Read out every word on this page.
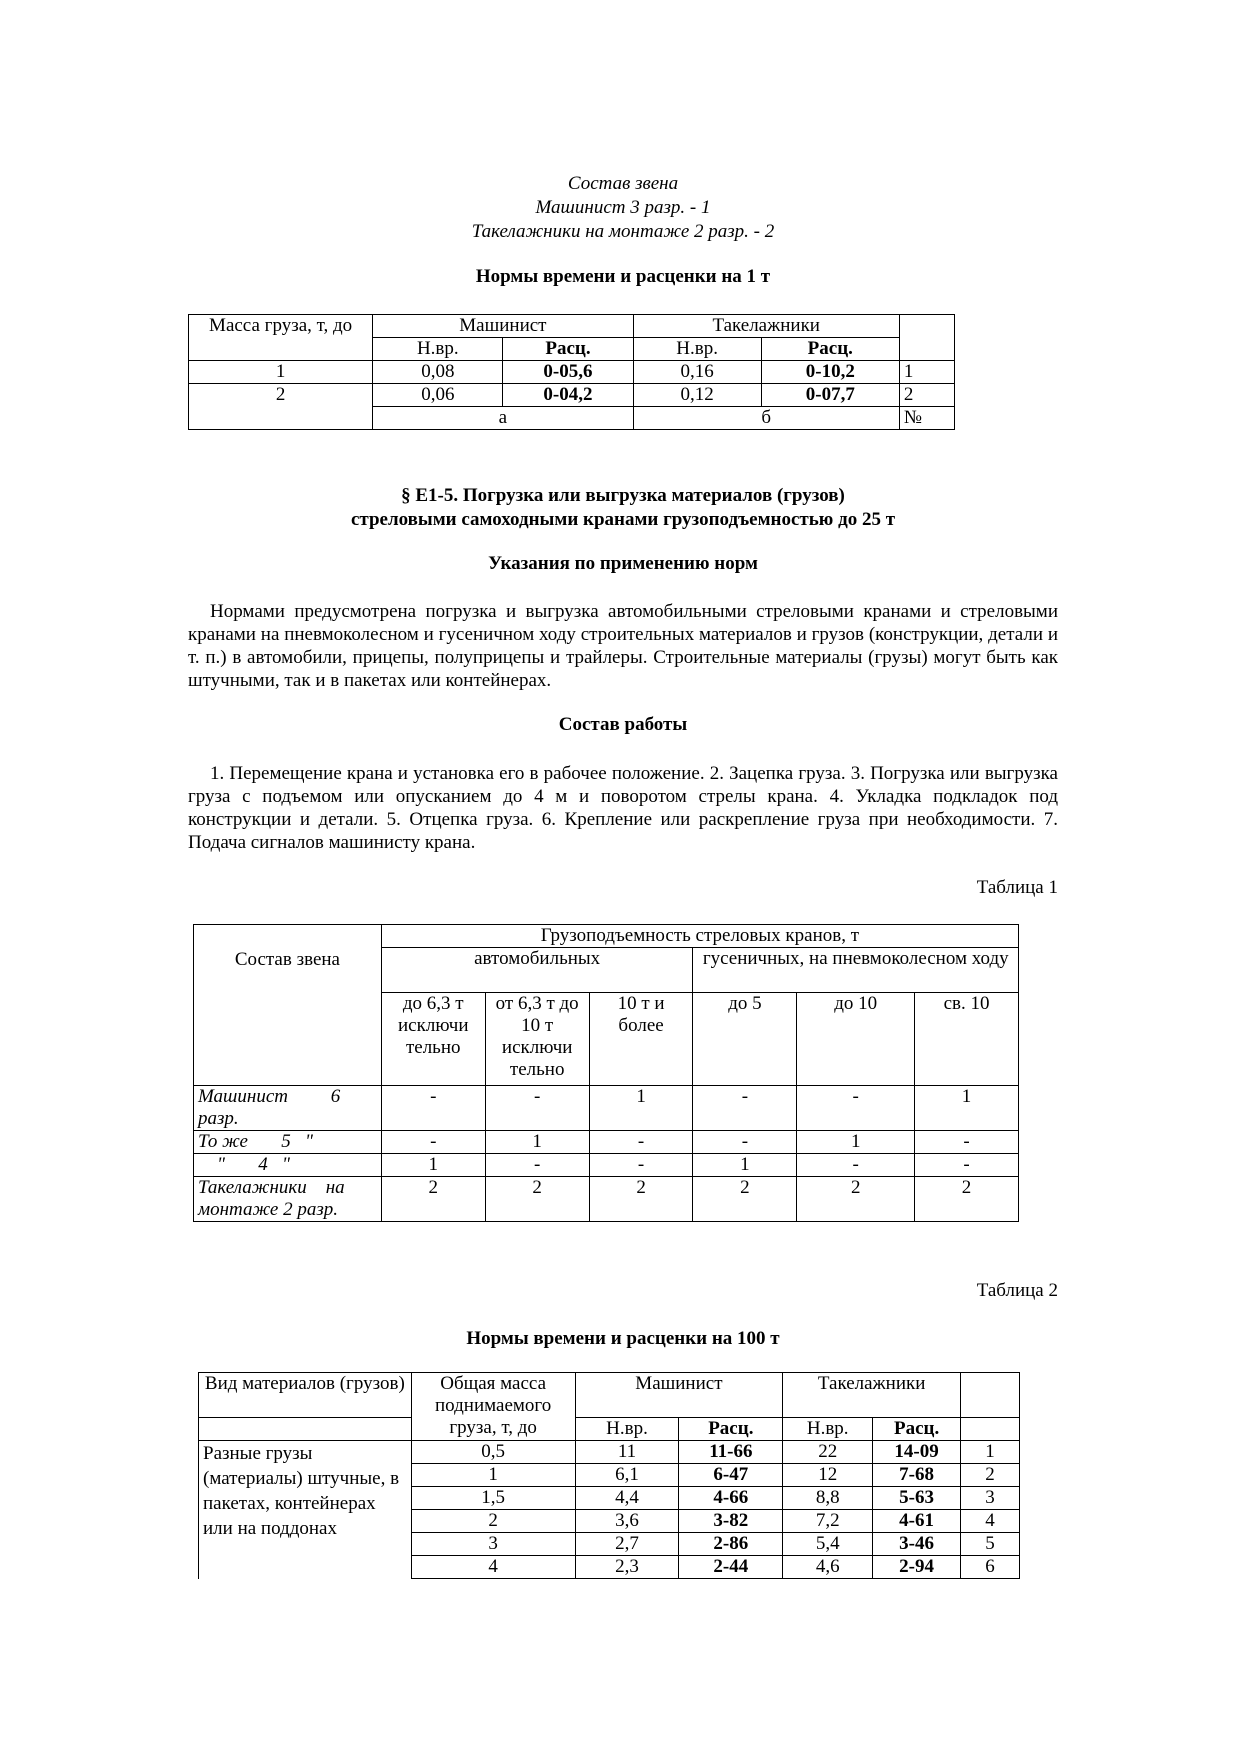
Состав звена
Машинист 3 разр. - 1
Такелажники на монтаже 2 разр. - 2
Нормы времени и расценки на 1 т
Масса груза, т, до	Машинист		Такелажники		
	Н.вр.	Расц.	Н.вр.	Расц.	
1	0,08	0-05,6	0,16	0-10,2	1
2	0,06	0-04,2	0,12	0-07,7	2
	а		б		№
§ Е1-5. Погрузка или выгрузка материалов (грузов)
стреловыми самоходными кранами грузоподъемностью до 25 т
Указания по применению норм
Нормами предусмотрена погрузка и выгрузка автомобильными стреловыми кранами и стреловыми кранами на пневмоколесном и гусеничном ходу строительных материалов и грузов (конструкции, детали и т. п.) в автомобили, прицепы, полуприцепы и трайлеры. Строительные материалы (грузы) могут быть как штучными, так и в пакетах или контейнерах.
Состав работы
1. Перемещение крана и установка его в рабочее положение. 2. Зацепка груза. 3. Погрузка или выгрузка груза с подъемом или опусканием до 4 м и поворотом стрелы крана. 4. Укладка подкладок под конструкции и детали. 5. Отцепка груза. 6. Крепление или раскрепление груза при необходимости. 7. Подача сигналов машинисту крана.
Таблица 1
Состав звена	Грузоподъемность стреловых кранов, т					
	автомобильных			гусеничных, на пневмоколесном ходу		
	до 6,3 т исключи тельно	от 6,3 т до 10 т исключи тельно	10 т и более	до 5	до 10	св. 10
Машинист         6 разр.	-	-	1	-	-	1
То же       5   "	-	1	-	-	1	-
"       4   "	1	-	-	1	-	-
Такелажники    на монтаже 2 разр.	2	2	2	2	2	2
Таблица 2
Нормы времени и расценки на 100 т
Вид материалов (грузов)	Общая масса поднимаемого груза, т, до	Машинист		Такелажники		
		Н.вр.	Расц.	Н.вр.	Расц.	
Разные грузы (материалы) штучные, в пакетах, контейнерах или на поддонах	0,5	11	11-66	22	14-09	1
	1	6,1	6-47	12	7-68	2
	1,5	4,4	4-66	8,8	5-63	3
	2	3,6	3-82	7,2	4-61	4
	3	2,7	2-86	5,4	3-46	5
	4	2,3	2-44	4,6	2-94	6
